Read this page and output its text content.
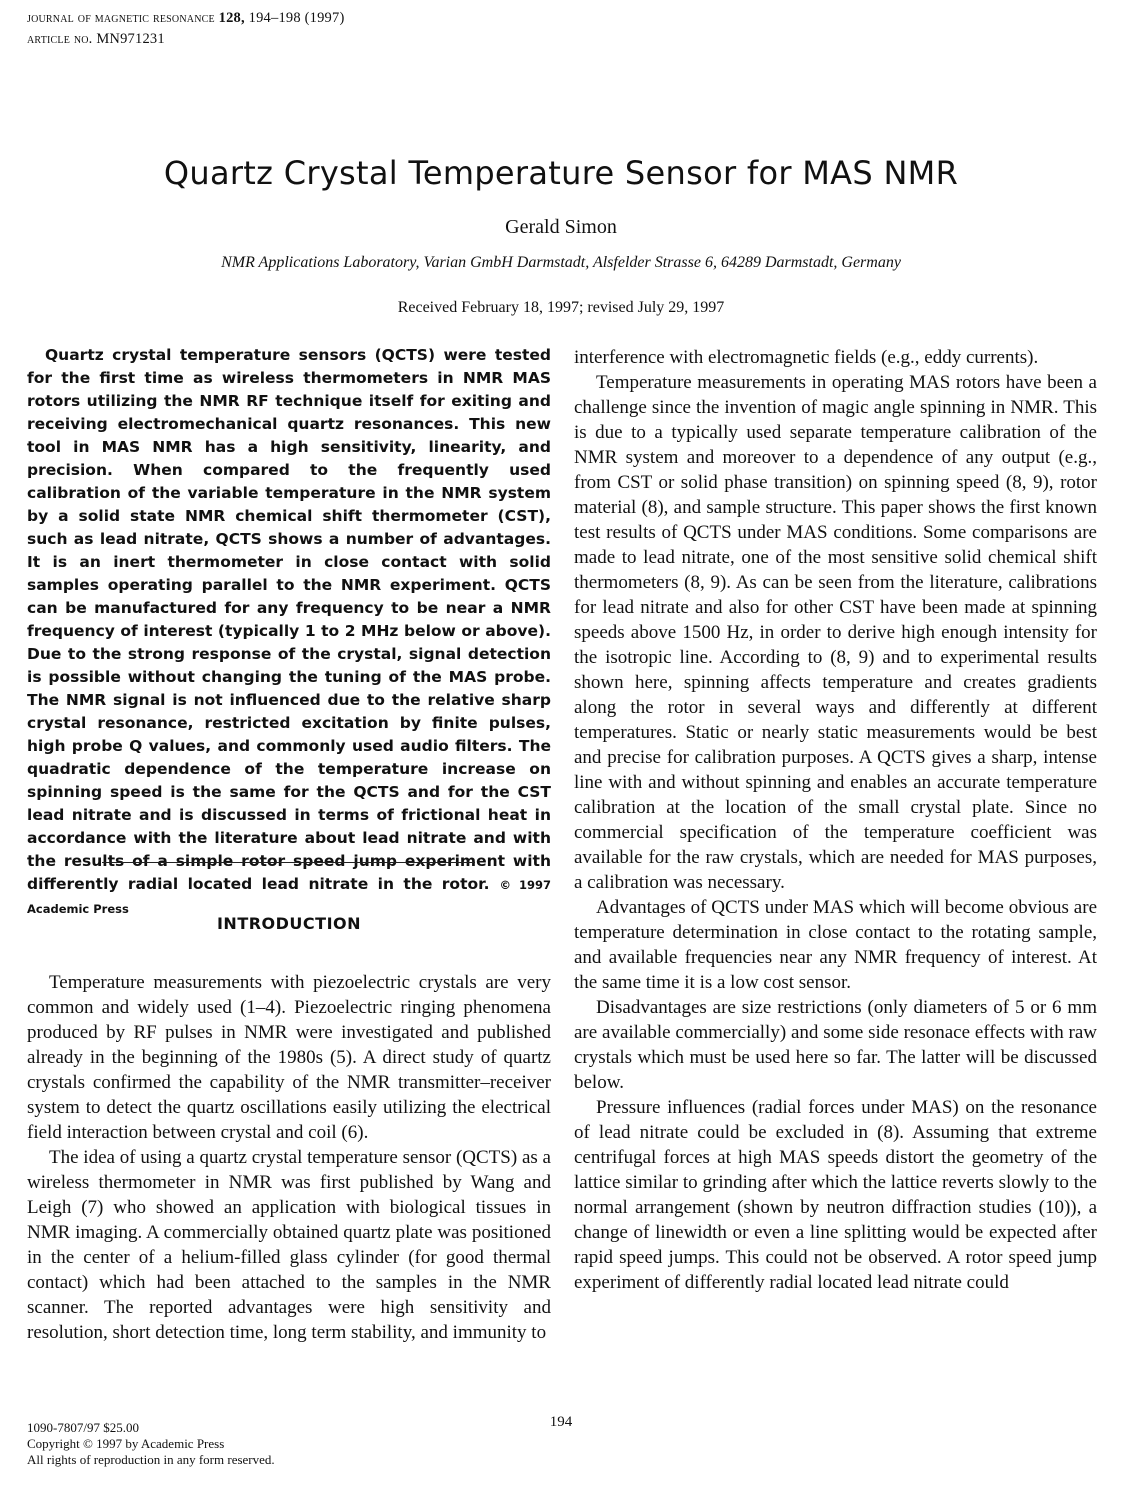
journal of magnetic resonance 128, 194–198 (1997)
article no. MN971231
Quartz Crystal Temperature Sensor for MAS NMR
Gerald Simon
NMR Applications Laboratory, Varian GmbH Darmstadt, Alsfelder Strasse 6, 64289 Darmstadt, Germany
Received February 18, 1997; revised July 29, 1997

Quartz crystal temperature sensors (QCTS) were tested for the first time as wireless thermometers in NMR MAS rotors utilizing the NMR RF technique itself for exiting and receiving electromechanical quartz resonances. This new tool in MAS NMR has a high sensitivity, linearity, and precision. When compared to the frequently used calibration of the variable temperature in the NMR system by a solid state NMR chemical shift thermometer (CST), such as lead nitrate, QCTS shows a number of advantages. It is an inert thermometer in close contact with solid samples operating parallel to the NMR experiment. QCTS can be manufactured for any frequency to be near a NMR frequency of interest (typically 1 to 2 MHz below or above). Due to the strong response of the crystal, signal detection is possible without changing the tuning of the MAS probe. The NMR signal is not influenced due to the relative sharp crystal resonance, restricted excitation by finite pulses, high probe Q values, and commonly used audio filters. The quadratic dependence of the temperature increase on spinning speed is the same for the QCTS and for the CST lead nitrate and is discussed in terms of frictional heat in accordance with the literature about lead nitrate and with the results of a simple rotor speed jump experiment with differently radial located lead nitrate in the rotor. © 1997 Academic Press

INTRODUCTION

Temperature measurements with piezoelectric crystals are very common and widely used (1–4). Piezoelectric ringing phenomena produced by RF pulses in NMR were investigated and published already in the beginning of the 1980s (5). A direct study of quartz crystals confirmed the capability of the NMR transmitter–receiver system to detect the quartz oscillations easily utilizing the electrical field interaction between crystal and coil (6).

The idea of using a quartz crystal temperature sensor (QCTS) as a wireless thermometer in NMR was first published by Wang and Leigh (7) who showed an application with biological tissues in NMR imaging. A commercially obtained quartz plate was positioned in the center of a helium-filled glass cylinder (for good thermal contact) which had been attached to the samples in the NMR scanner. The reported advantages were high sensitivity and resolution, short detection time, long term stability, and immunity to

interference with electromagnetic fields (e.g., eddy currents).

Temperature measurements in operating MAS rotors have been a challenge since the invention of magic angle spinning in NMR. This is due to a typically used separate temperature calibration of the NMR system and moreover to a dependence of any output (e.g., from CST or solid phase transition) on spinning speed (8, 9), rotor material (8), and sample structure. This paper shows the first known test results of QCTS under MAS conditions. Some comparisons are made to lead nitrate, one of the most sensitive solid chemical shift thermometers (8, 9). As can be seen from the literature, calibrations for lead nitrate and also for other CST have been made at spinning speeds above 1500 Hz, in order to derive high enough intensity for the isotropic line. According to (8, 9) and to experimental results shown here, spinning affects temperature and creates gradients along the rotor in several ways and differently at different temperatures. Static or nearly static measurements would be best and precise for calibration purposes. A QCTS gives a sharp, intense line with and without spinning and enables an accurate temperature calibration at the location of the small crystal plate. Since no commercial specification of the temperature coefficient was available for the raw crystals, which are needed for MAS purposes, a calibration was necessary.

Advantages of QCTS under MAS which will become obvious are temperature determination in close contact to the rotating sample, and available frequencies near any NMR frequency of interest. At the same time it is a low cost sensor.

Disadvantages are size restrictions (only diameters of 5 or 6 mm are available commercially) and some side resonace effects with raw crystals which must be used here so far. The latter will be discussed below.

Pressure influences (radial forces under MAS) on the resonance of lead nitrate could be excluded in (8). Assuming that extreme centrifugal forces at high MAS speeds distort the geometry of the lattice similar to grinding after which the lattice reverts slowly to the normal arrangement (shown by neutron diffraction studies (10)), a change of linewidth or even a line splitting would be expected after rapid speed jumps. This could not be observed. A rotor speed jump experiment of differently radial located lead nitrate could

194
1090-7807/97 $25.00
Copyright © 1997 by Academic Press
All rights of reproduction in any form reserved.
